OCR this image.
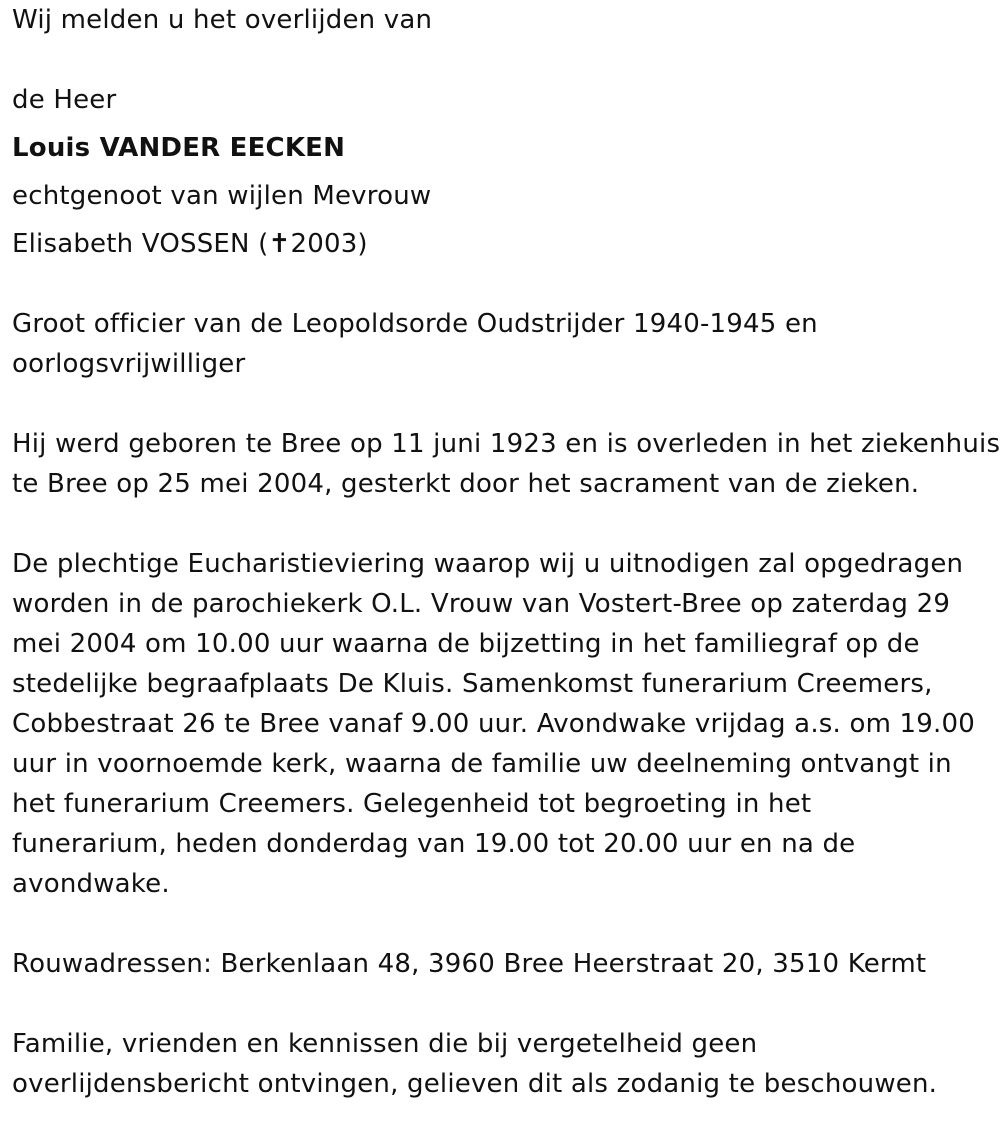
Wij melden u het overlijden van
de Heer
Louis VANDER EECKEN
echtgenoot van wijlen Mevrouw
Elisabeth VOSSEN (✝2003)
Groot officier van de Leopoldsorde Oudstrijder 1940-1945 en
oorlogsvrijwilliger
Hij werd geboren te Bree op 11 juni 1923 en is overleden in het ziekenhuis
te Bree op 25 mei 2004, gesterkt door het sacrament van de zieken.
De plechtige Eucharistieviering waarop wij u uitnodigen zal opgedragen
worden in de parochiekerk O.L. Vrouw van Vostert-Bree op zaterdag 29
mei 2004 om 10.00 uur waarna de bijzetting in het familiegraf op de
stedelijke begraafplaats De Kluis. Samenkomst funerarium Creemers,
Cobbestraat 26 te Bree vanaf 9.00 uur. Avondwake vrijdag a.s. om 19.00
uur in voornoemde kerk, waarna de familie uw deelneming ontvangt in
het funerarium Creemers. Gelegenheid tot begroeting in het
funerarium, heden donderdag van 19.00 tot 20.00 uur en na de
avondwake.
Rouwadressen: Berkenlaan 48, 3960 Bree Heerstraat 20, 3510 Kermt
Familie, vrienden en kennissen die bij vergetelheid geen
overlijdensbericht ontvingen, gelieven dit als zodanig te beschouwen.
